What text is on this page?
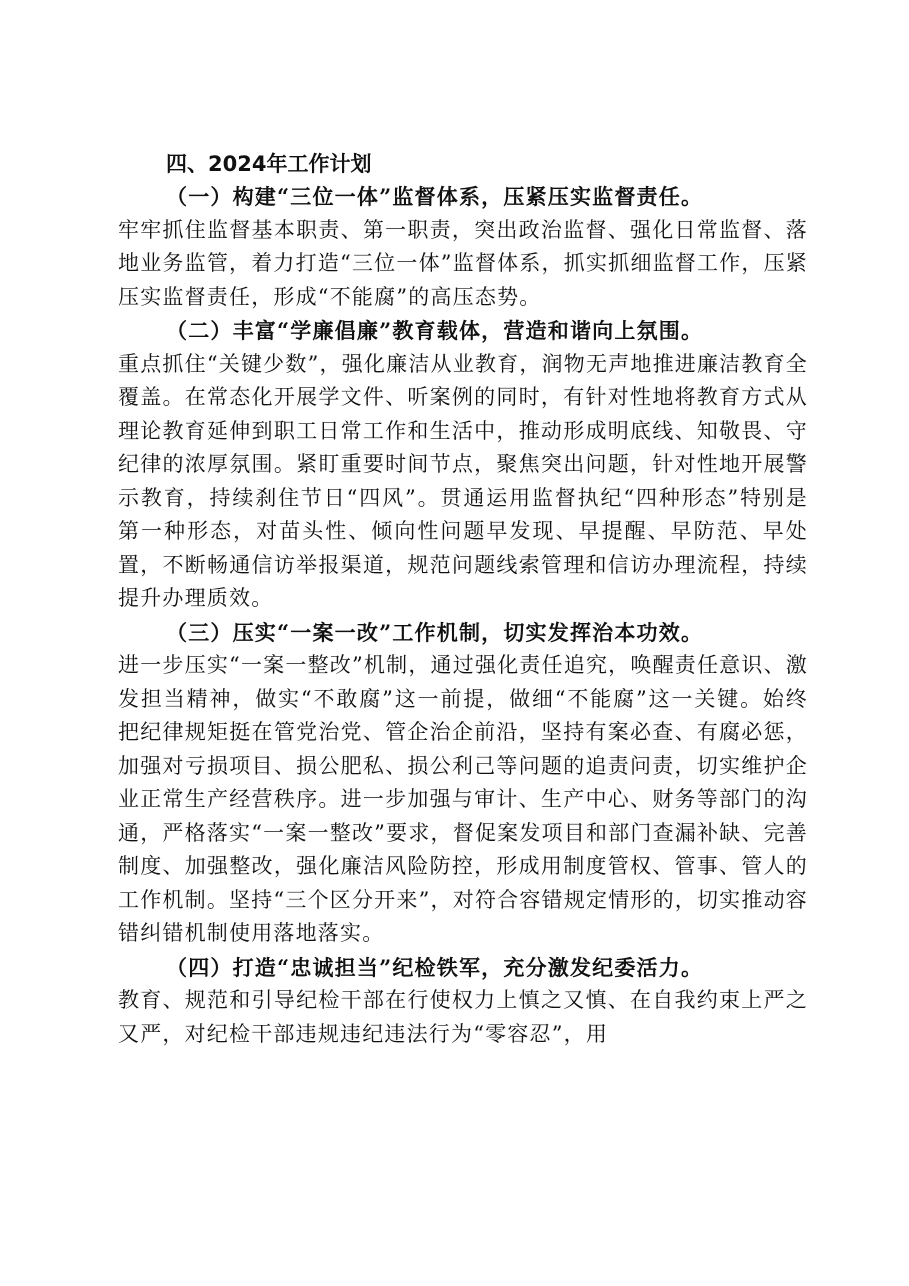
四、2024年工作计划

（一）构建“三位一体”监督体系，压紧压实监督责任。
牢牢抓住监督基本职责、第一职责，突出政治监督、强化日常监督、落地业务监管，着力打造“三位一体”监督体系，抓实抓细监督工作，压紧压实监督责任，形成“不能腐”的高压态势。

（二）丰富“学廉倡廉”教育载体，营造和谐向上氛围。
重点抓住“关键少数”，强化廉洁从业教育，润物无声地推进廉洁教育全覆盖。在常态化开展学文件、听案例的同时，有针对性地将教育方式从理论教育延伸到职工日常工作和生活中，推动形成明底线、知敬畏、守纪律的浓厚氛围。紧盯重要时间节点，聚焦突出问题，针对性地开展警示教育，持续刹住节日“四风”。贯通运用监督执纪“四种形态”特别是第一种形态，对苗头性、倾向性问题早发现、早提醒、早防范、早处置，不断畅通信访举报渠道，规范问题线索管理和信访办理流程，持续提升办理质效。

（三）压实“一案一改”工作机制，切实发挥治本功效。
进一步压实“一案一整改”机制，通过强化责任追究，唤醒责任意识、激发担当精神，做实“不敢腐”这一前提，做细“不能腐”这一关键。始终把纪律规矩挺在管党治党、管企治企前沿，坚持有案必查、有腐必惩，加强对亏损项目、损公肥私、损公利己等问题的追责问责，切实维护企业正常生产经营秩序。进一步加强与审计、生产中心、财务等部门的沟通，严格落实“一案一整改”要求，督促案发项目和部门查漏补缺、完善制度、加强整改，强化廉洁风险防控，形成用制度管权、管事、管人的工作机制。坚持“三个区分开来”，对符合容错规定情形的，切实推动容错纠错机制使用落地落实。

（四）打造“忠诚担当”纪检铁军，充分激发纪委活力。
教育、规范和引导纪检干部在行使权力上慎之又慎、在自我约束上严之又严，对纪检干部违规违纪违法行为“零容忍”，用
